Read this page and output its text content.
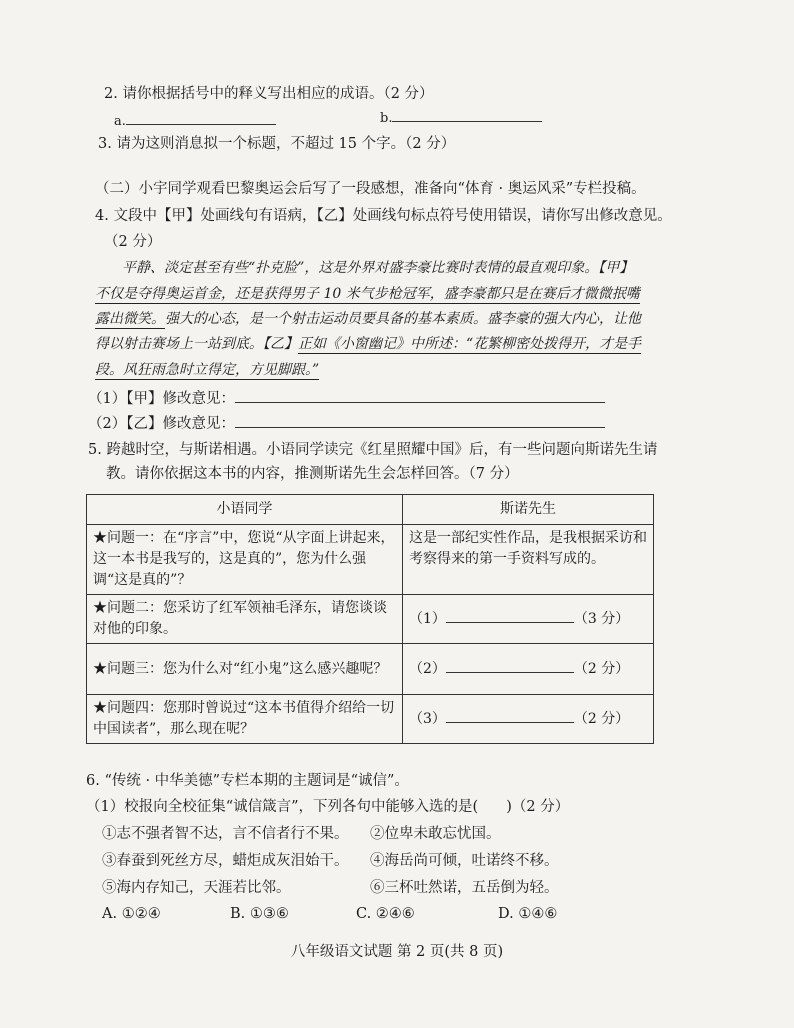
2. 请你根据括号中的释义写出相应的成语。（2 分）
a.	b.
3. 请为这则消息拟一个标题，不超过 15 个字。（2 分）
（二）小宇同学观看巴黎奥运会后写了一段感想，准备向“体育 · 奥运风采”专栏投稿。
4. 文段中【甲】处画线句有语病，【乙】处画线句标点符号使用错误，请你写出修改意见。
（2 分）
平静、淡定甚至有些“扑克脸”，这是外界对盛李豪比赛时表情的最直观印象。【甲】
不仅是夺得奥运首金，还是获得男子 10 米气步枪冠军，盛李豪都只是在赛后才微微抿嘴
露出微笑。强大的心态，是一个射击运动员要具备的基本素质。盛李豪的强大内心，让他
得以射击赛场上一站到底。【乙】正如《小窗幽记》中所述：“花繁柳密处拨得开，才是手
段。风狂雨急时立得定，方见脚跟。”
（1）【甲】修改意见：
（2）【乙】修改意见：
5. 跨越时空，与斯诺相遇。小语同学读完《红星照耀中国》后，有一些问题向斯诺先生请
教。请你依据这本书的内容，推测斯诺先生会怎样回答。（7 分）
小语同学	斯诺先生
★问题一：在“序言”中，您说“从字面上讲起来，这一本书是我写的，这是真的”，您为什么强调“这是真的”？	这是一部纪实性作品，是我根据采访和考察得来的第一手资料写成的。
★问题二：您采访了红军领袖毛泽东，请您谈谈对他的印象。	（1） （3 分）
★问题三：您为什么对“红小鬼”这么感兴趣呢？	（2） （2 分）
★问题四：您那时曾说过“这本书值得介绍给一切中国读者”，那么现在呢？	（3） （2 分）
6. “传统 · 中华美德”专栏本期的主题词是“诚信”。
（1）校报向全校征集“诚信箴言”，下列各句中能够入选的是( )（2 分）
①志不强者智不达，言不信者行不果。 ②位卑未敢忘忧国。
③春蚕到死丝方尽，蜡炬成灰泪始干。 ④海岳尚可倾，吐诺终不移。
⑤海内存知己，天涯若比邻。	⑥三杯吐然诺，五岳倒为轻。
A. ①②④	B. ①③⑥	C. ②④⑥	D. ①④⑥
八年级语文试题 第 2 页(共 8 页)
